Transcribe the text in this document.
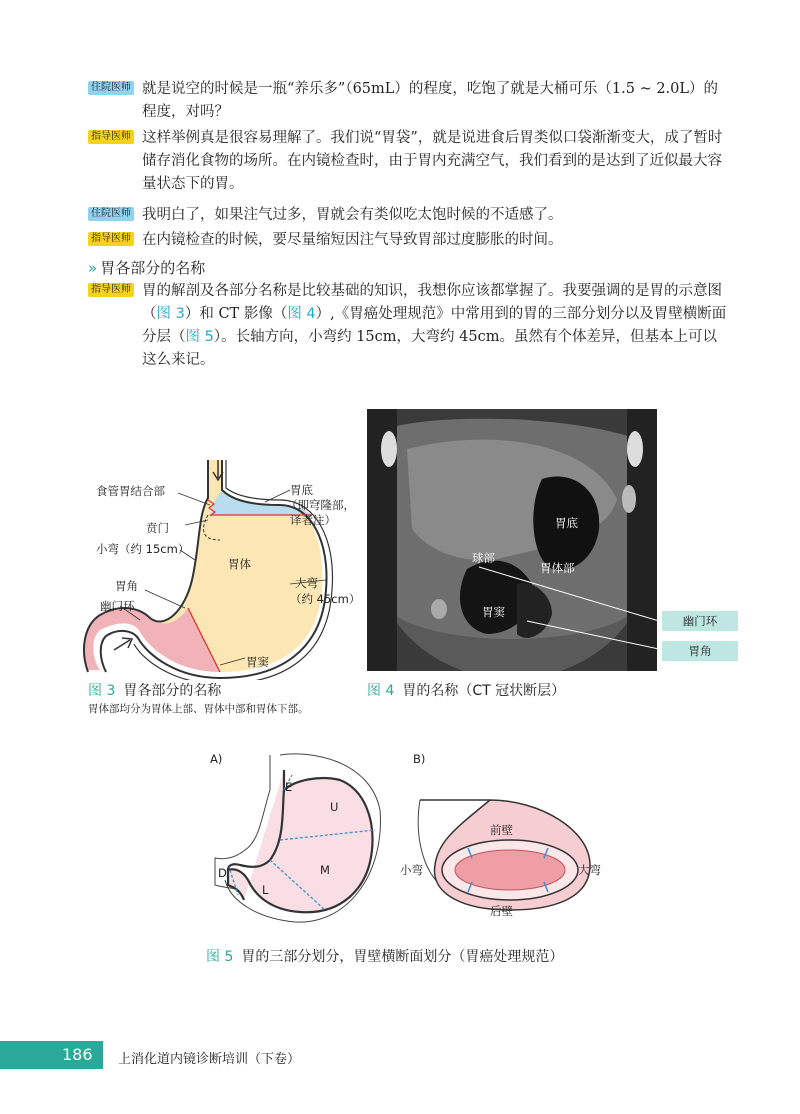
住院医师 就是说空的时候是一瓶“养乐多”（65mL）的程度，吃饱了就是大桶可乐（1.5 ~ 2.0L）的程度，对吗？
指导医师 这样举例真是很容易理解了。我们说“胃袋”，就是说进食后胃类似口袋渐渐变大，成了暂时储存消化食物的场所。在内镜检查时，由于胃内充满空气，我们看到的是达到了近似最大容量状态下的胃。
住院医师 我明白了，如果注气过多，胃就会有类似吃太饱时候的不适感了。
指导医师 在内镜检查的时候，要尽量缩短因注气导致胃部过度膨胀的时间。
» 胃各部分的名称
指导医师 胃的解剖及各部分名称是比较基础的知识，我想你应该都掌握了。我要强调的是胃的示意图（图 3）和 CT 影像（图 4）,《胃癌处理规范》中常用到的胃的三部分划分以及胃壁横断面分层（图 5）。长轴方向，小弯约 15cm，大弯约 45cm。虽然有个体差异，但基本上可以这么来记。
食管胃结合部	胃底
（即穹隆部，
译者注）
贲门
小弯（约 15cm）
胃体
胃角	大弯
（约 45cm）
幽门环
胃窦
图 3 胃各部分的名称
胃体部均分为胃体上部、胃体中部和胃体下部。
胃底
球部
胃体部
胃窦
幽门环
胃角
图 4 胃的名称（CT 冠状断层）
A)	B)
E
U
M
L
D
前壁
小弯	大弯
后壁
图 5 胃的三部分划分，胃壁横断面划分（胃癌处理规范）
186 上消化道内镜诊断培训（下卷）
